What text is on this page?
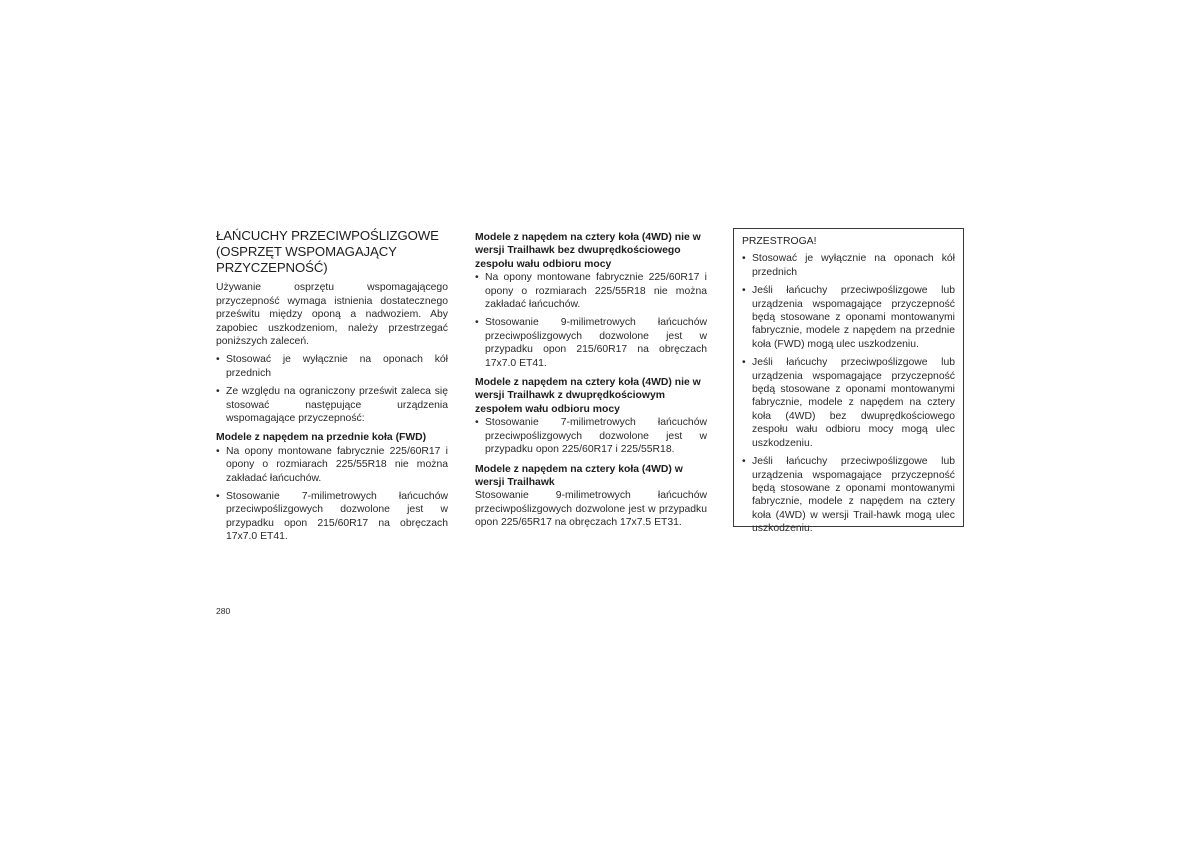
ŁAŃCUCHY PRZECIWPOŚLIZGOWE
(OSPRZĘT WSPOMAGAJĄCY
PRZYCZEPNOŚĆ)

Używanie osprzętu wspomagającego przyczepność wymaga istnienia dostatecznego prześwitu między oponą a nadwoziem. Aby zapobiec uszkodzeniom, należy przestrzegać poniższych zaleceń.

• Stosować je wyłącznie na oponach kół przednich
• Ze względu na ograniczony prześwit zaleca się stosować następujące urządzenia wspomagające przyczepność:
Modele z napędem na przednie koła (FWD)
• Na opony montowane fabrycznie 225/60R17 i opony o rozmiarach 225/55R18 nie można zakładać łańcuchów.
• Stosowanie 7-milimetrowych łańcuchów przeciwpoślizgowych dozwolone jest w przypadku opon 215/60R17 na obręczach 17x7.0 ET41.
Modele z napędem na cztery koła (4WD) nie w wersji Trailhawk bez dwuprędkościowego zespołu wału odbioru mocy
• Na opony montowane fabrycznie 225/60R17 i opony o rozmiarach 225/55R18 nie można zakładać łańcuchów.
• Stosowanie 9-milimetrowych łańcuchów przeciwpoślizgowych dozwolone jest w przypadku opon 215/60R17 na obręczach 17x7.0 ET41.
Modele z napędem na cztery koła (4WD) nie w wersji Trailhawk z dwuprędkościowym zespołem wału odbioru mocy
• Stosowanie 7-milimetrowych łańcuchów przeciwpoślizgowych dozwolone jest w przypadku opon 225/60R17 i 225/55R18.
Modele z napędem na cztery koła (4WD) w wersji Trailhawk

Stosowanie 9-milimetrowych łańcuchów przeciwpoślizgowych dozwolone jest w przypadku opon 225/65R17 na obręczach 17x7.5 ET31.

PRZESTROGA!
• Stosować je wyłącznie na oponach kół przednich
• Jeśli łańcuchy przeciwpoślizgowe lub urządzenia wspomagające przyczepność będą stosowane z oponami montowanymi fabrycznie, modele z napędem na przednie koła (FWD) mogą ulec uszkodzeniu.
• Jeśli łańcuchy przeciwpoślizgowe lub urządzenia wspomagające przyczepność będą stosowane z oponami montowanymi fabrycznie, modele z napędem na cztery koła (4WD) bez dwuprędkościowego zespołu wału odbioru mocy mogą ulec uszkodzeniu.
• Jeśli łańcuchy przeciwpoślizgowe lub urządzenia wspomagające przyczepność będą stosowane z oponami montowanymi fabrycznie, modele z napędem na cztery koła (4WD) w wersji Trail-hawk mogą ulec uszkodzeniu.
280
